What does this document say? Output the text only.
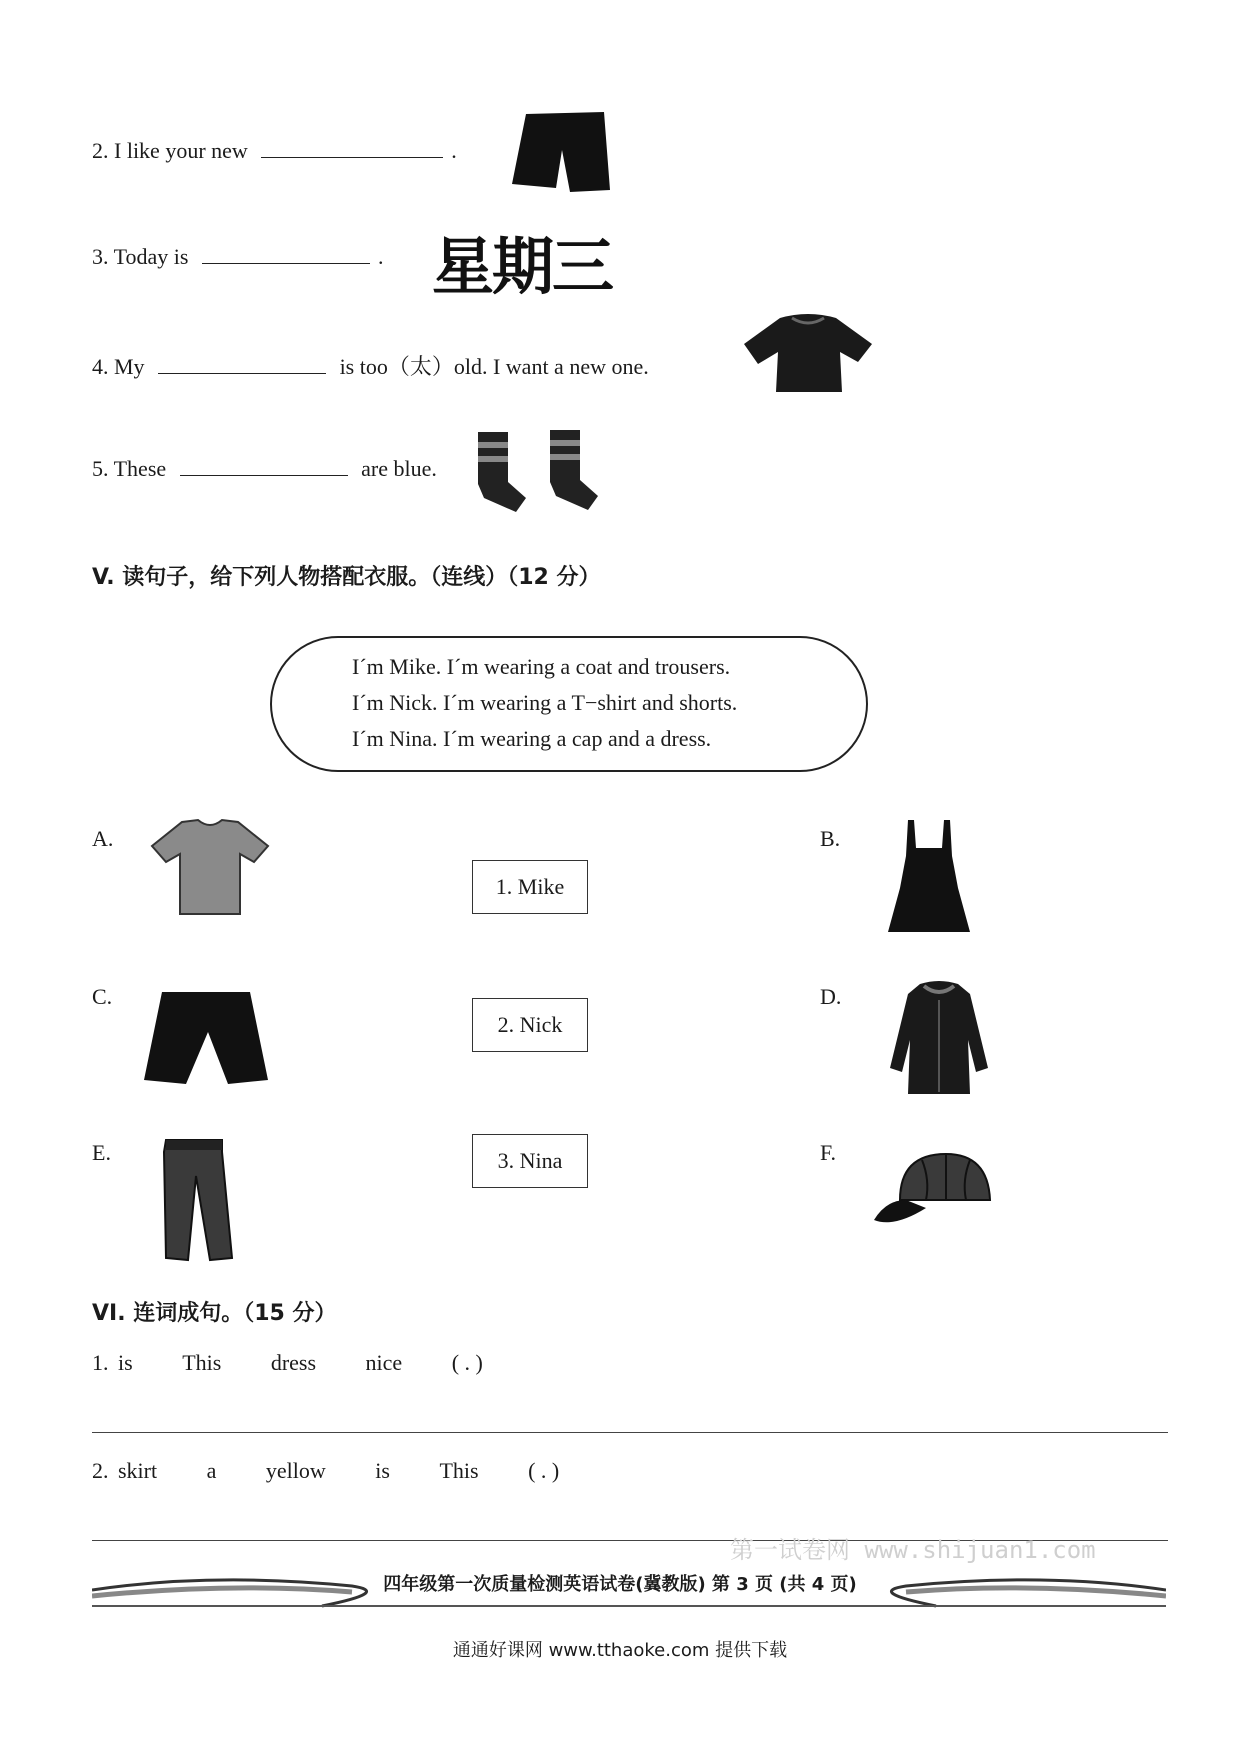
2. I like your new	.
3. Today is	. 星期三
4. My	is too（太）old. I want a new one.
5. These	are blue.
V. 读句子，给下列人物搭配衣服。（连线）（12 分）
I´m Mike. I´m wearing a coat and trousers.
I´m Nick. I´m wearing a T−shirt and shorts.
I´m Nina. I´m wearing a cap and a dress.
A.	B.
1. Mike
2. Nick
3. Nina
C.	D.
E.	F.
VI. 连词成句。（15 分）
1. is This dress nice ( . )
2. skirt a yellow is This ( . )
第一试卷网 www.shijuan1.com
四年级第一次质量检测英语试卷(冀教版) 第 3 页 (共 4 页)
通通好课网 www.tthaoke.com 提供下载
